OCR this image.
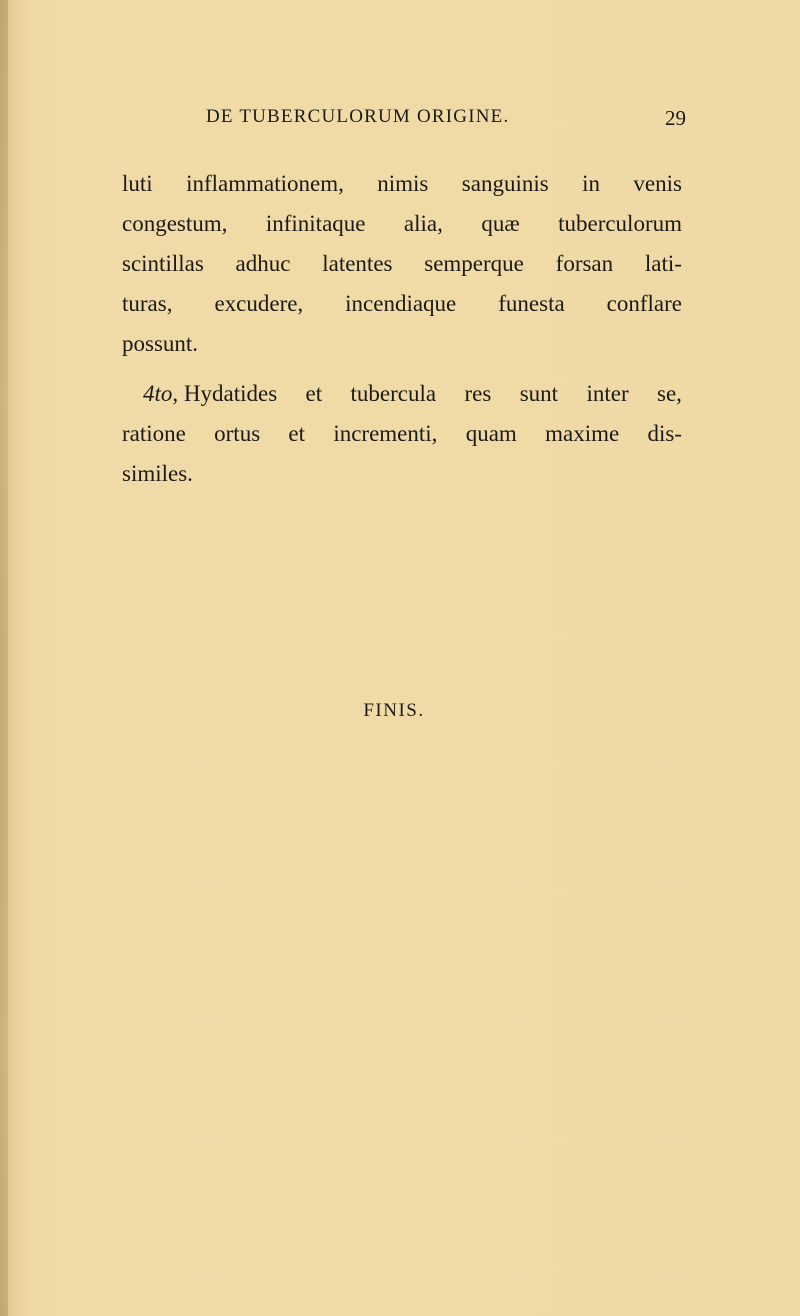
DE TUBERCULORUM ORIGINE.	29
luti inflammationem, nimis sanguinis in venis
congestum, infinitaque alia, quæ tuberculorum
scintillas adhuc latentes semperque forsan lati-
turas, excudere, incendiaque funesta conflare
possunt.
4to, Hydatides et tubercula res sunt inter se,
ratione ortus et incrementi, quam maxime dis-
similes.
FINIS.
